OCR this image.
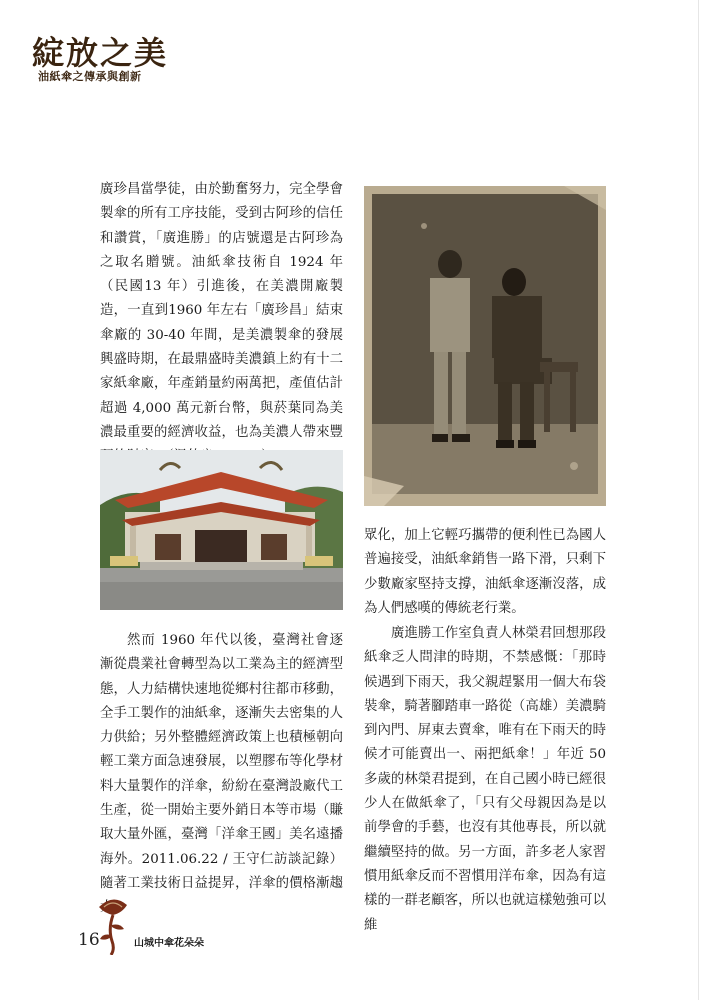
綻放之美
油紙傘之傳承與創新

廣珍昌當學徒，由於勤奮努力，完全學會製傘的所有工序技能，受到古阿珍的信任和讚賞，「廣進勝」的店號還是古阿珍為之取名贈號。油紙傘技術自 1924 年（民國13 年）引進後，在美濃開廠製造，一直到1960 年左右「廣珍昌」結束傘廠的 30-40 年間，是美濃製傘的發展興盛時期，在最鼎盛時美濃鎮上約有十二家紙傘廠，年產銷量約兩萬把，產值估計超過 4,000 萬元新台幣，與菸葉同為美濃最重要的經濟收益，也為美濃人帶來豐

然而 1960 年代以後，臺灣社會逐漸從農業社會轉型為以工業為主的經濟型態，人力結構快速地從鄉村往都市移動，全手工製作的油紙傘，逐漸失去密集的人力供給；另外整體經濟政策上也積極朝向輕工業方面急速發展，以塑膠布等化學材料大量製作的洋傘，紛紛在臺灣設廠代工生產，從一開始主要外銷日本等市場（賺取大量外匯，臺灣「洋傘王國」美名遠播海外。2011.06.22 / 王守仁訪談記錄）隨著工業技術日益提昇，洋傘的價格漸趨

眾化，加上它輕巧攜帶的便利性已為國人普遍接受，油紙傘銷售一路下滑，只剩下少數廠家堅持支撐，油紙傘逐漸沒落，成為人們感嘆的傳統老行業。

廣進勝工作室負責人林榮君回想那段紙傘乏人問津的時期，不禁感慨：「那時候遇到下雨天，我父親趕緊用一個大布袋裝傘，騎著腳踏車一路從（高雄）美濃騎到內門、屏東去賣傘，唯有在下雨天的時候才可能賣出一、兩把紙傘！」年近 50 多歲的林榮君提到，在自己國小時已經很少人在做紙傘了，「只有父母親因為是以前學會的手藝，也沒有其他專長，所以就繼續堅持的做。另一方面，許多老人家習慣用紙傘反而不習慣用洋布傘，因為有這樣的一群老顧客，所以也就這樣勉強可以維

16	山城中傘花朵朵
